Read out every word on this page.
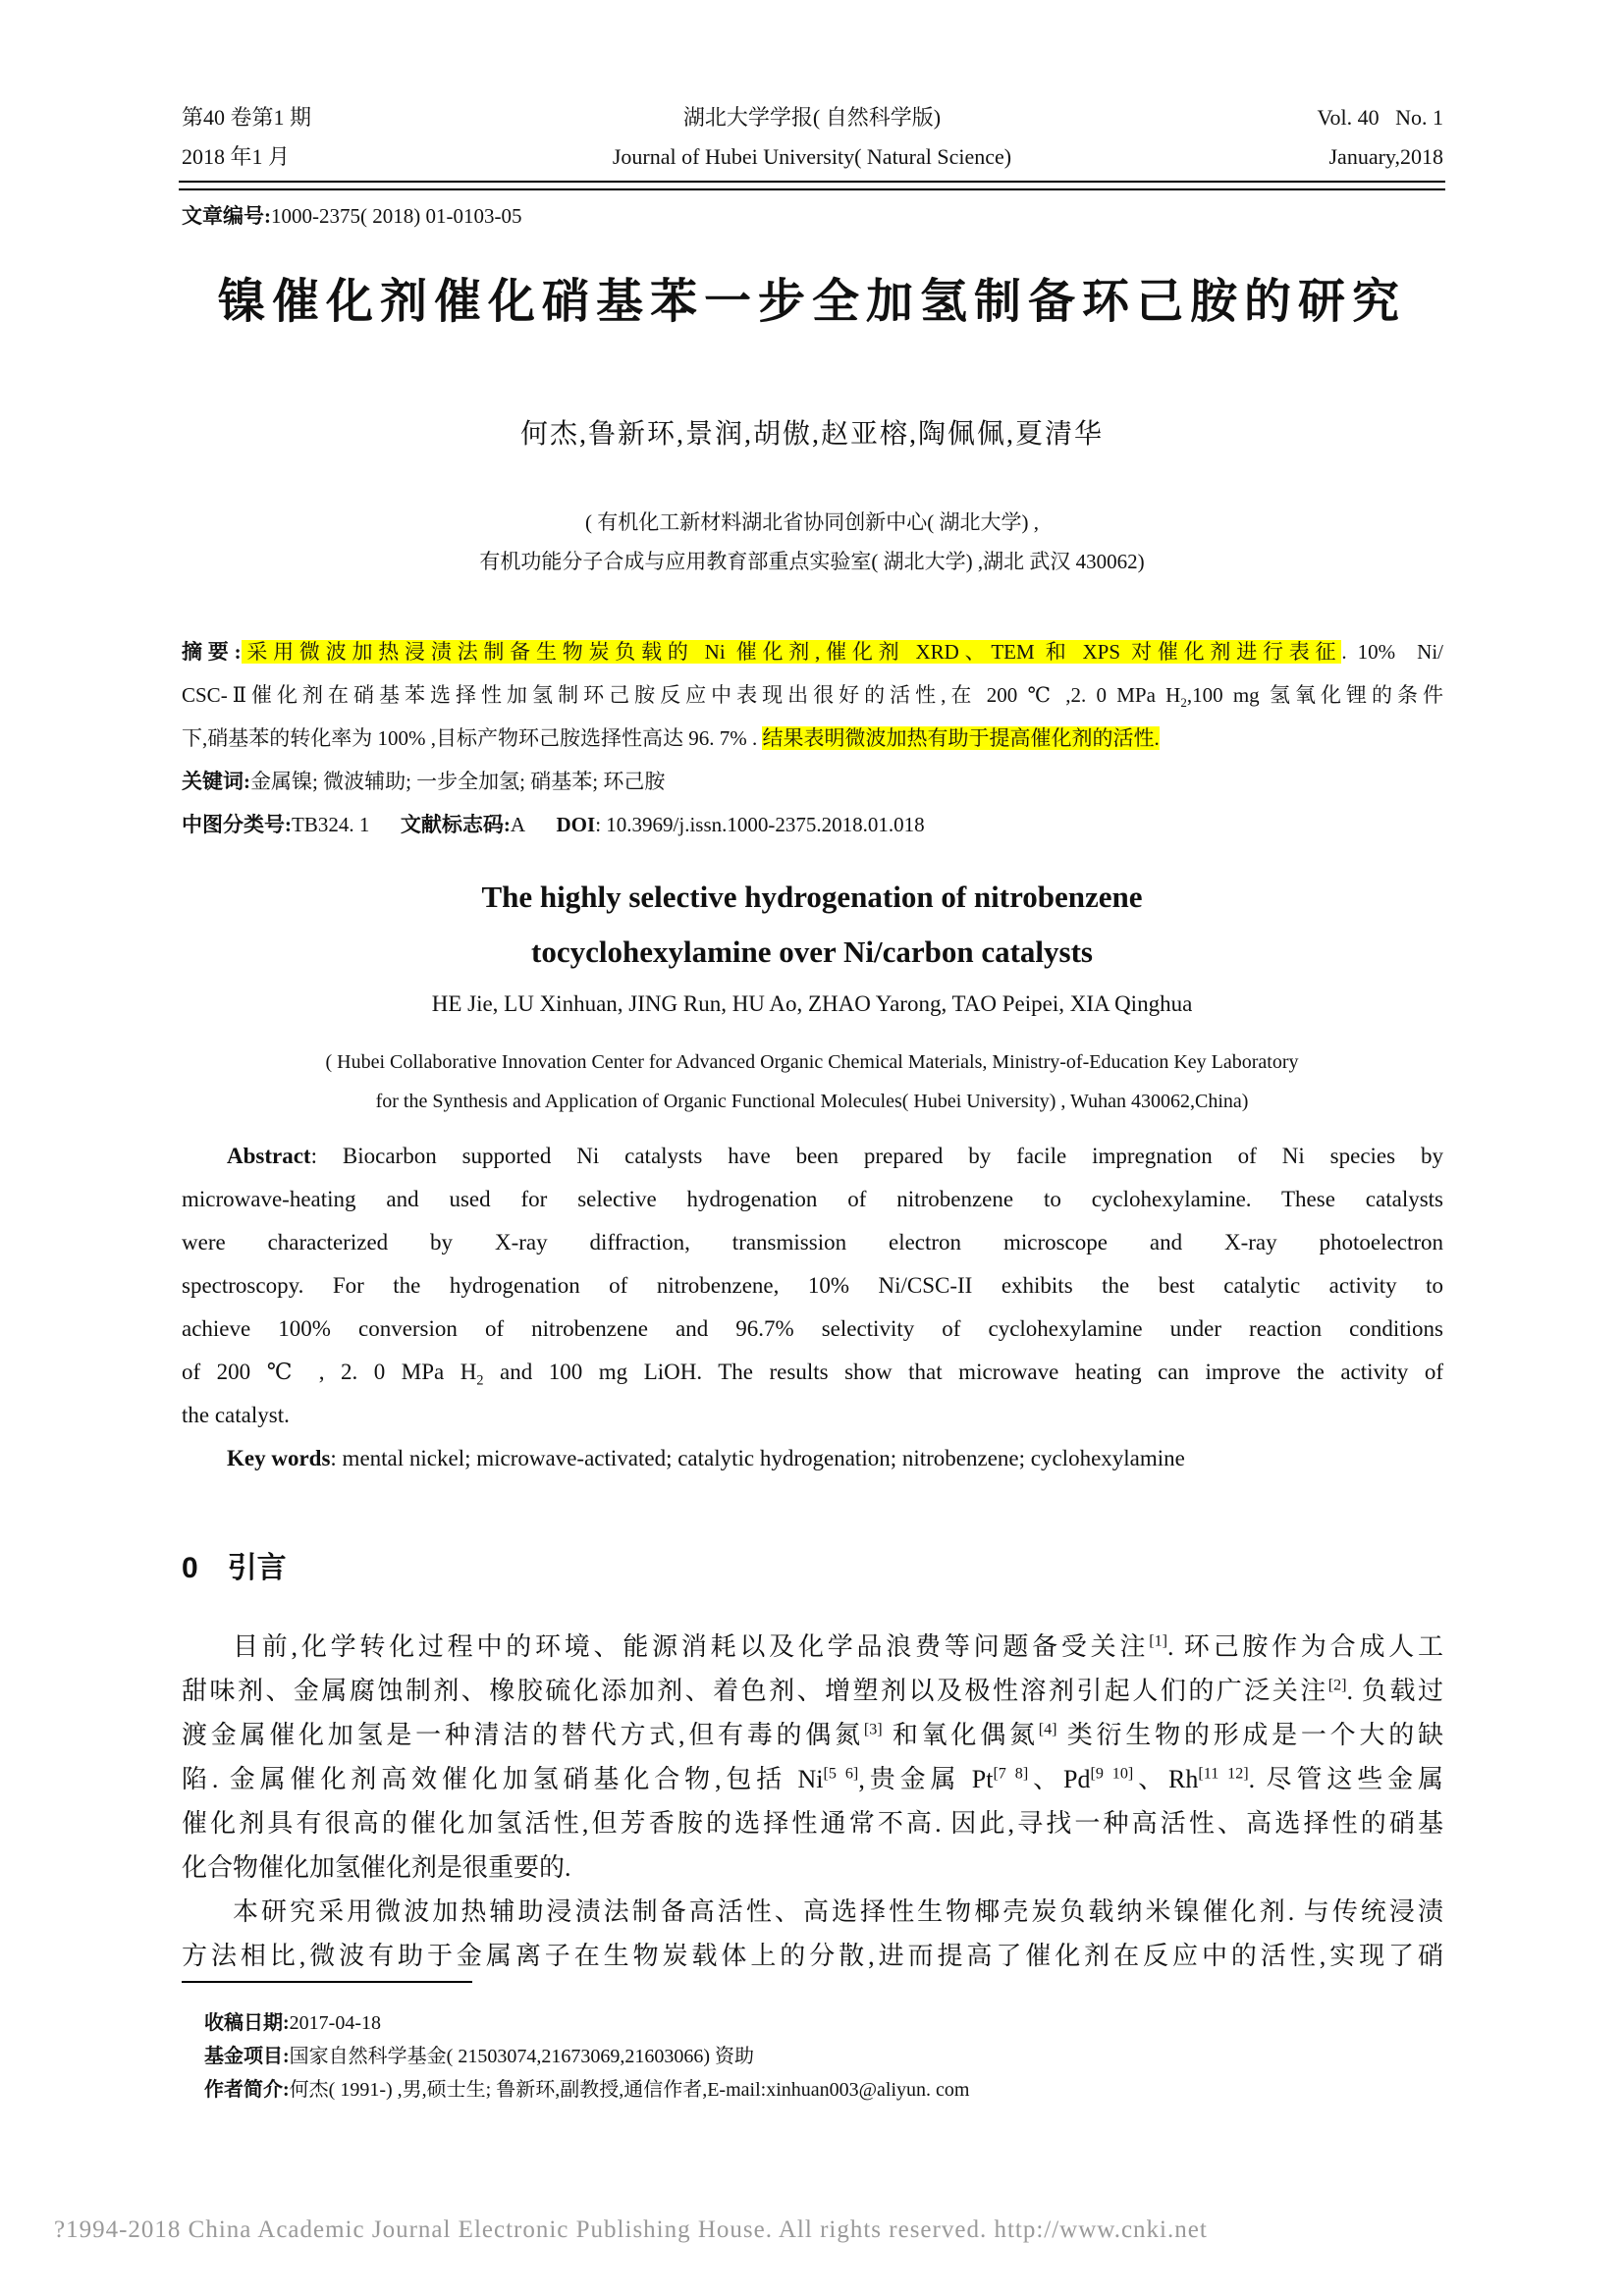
第40 卷第1 期
2018 年1 月
湖北大学学报( 自然科学版)
Journal of Hubei University( Natural Science)
Vol. 40   No. 1
January,2018
文章编号:1000-2375( 2018) 01-0103-05
镍催化剂催化硝基苯一步全加氢制备环己胺的研究
何杰,鲁新环,景润,胡傲,赵亚榕,陶佩佩,夏清华
( 有机化工新材料湖北省协同创新中心( 湖北大学) ,
有机功能分子合成与应用教育部重点实验室( 湖北大学) ,湖北 武汉 430062)
摘要:采用微波加热浸渍法制备生物炭负载的 Ni 催化剂,催化剂 XRD、TEM 和 XPS 对催化剂进行表征. 10%  Ni/
CSC-Ⅱ催化剂在硝基苯选择性加氢制环己胺反应中表现出很好的活性,在 200 ℃ ,2. 0 MPa $H_2,100$ mg 氢氧化锂的条件
下,硝基苯的转化率为 100% ,目标产物环己胺选择性高达 96. 7% . 结果表明微波加热有助于提高催化剂的活性.
关键词:金属镍; 微波辅助; 一步全加氢; 硝基苯; 环己胺
中图分类号:TB324. 1      文献标志码:A      DOI: 10.3969/j.issn.1000-2375.2018.01.018
The highly selective hydrogenation of nitrobenzene
tocyclohexylamine over Ni/carbon catalysts
HE Jie, LU Xinhuan, JING Run, HU Ao, ZHAO Yarong, TAO Peipei, XIA Qinghua
( Hubei Collaborative Innovation Center for Advanced Organic Chemical Materials, Ministry-of-Education Key Laboratory
for the Synthesis and Application of Organic Functional Molecules( Hubei University) , Wuhan 430062,China)
Abstract: Biocarbon supported Ni catalysts have been prepared by facile impregnation of Ni species by
microwave-heating and used for selective hydrogenation of nitrobenzene to cyclohexylamine. These catalysts
were characterized by X-ray diffraction, transmission electron microscope and X-ray photoelectron
spectroscopy. For the hydrogenation of nitrobenzene, 10% Ni/CSC-II exhibits the best catalytic activity to
achieve 100% conversion of nitrobenzene and 96.7% selectivity of cyclohexylamine under reaction conditions
of 200 ℃ , 2. 0 MPa $H_2$ and 100 mg LiOH. The results show that microwave heating can improve the activity of
the catalyst.
Key words: mental nickel; microwave-activated; catalytic hydrogenation; nitrobenzene; cyclohexylamine
0 引言
目前,化学转化过程中的环境、能源消耗以及化学品浪费等问题备受关注[1]. 环己胺作为合成人工
甜味剂、金属腐蚀制剂、橡胶硫化添加剂、着色剂、增塑剂以及极性溶剂引起人们的广泛关注[2]. 负载过
渡金属催化加氢是一种清洁的替代方式,但有毒的偶氮[3] 和氧化偶氮[4] 类衍生物的形成是一个大的缺
陷. 金属催化剂高效催化加氢硝基化合物,包括 Ni[5 6],贵金属 Pt[7 8]、Pd[9 10]、Rh[11 12]. 尽管这些金属
催化剂具有很高的催化加氢活性,但芳香胺的选择性通常不高. 因此,寻找一种高活性、高选择性的硝基
化合物催化加氢催化剂是很重要的.
本研究采用微波加热辅助浸渍法制备高活性、高选择性生物椰壳炭负载纳米镍催化剂. 与传统浸渍
方法相比,微波有助于金属离子在生物炭载体上的分散,进而提高了催化剂在反应中的活性,实现了硝
收稿日期:2017-04-18
基金项目:国家自然科学基金( 21503074,21673069,21603066) 资助
作者简介:何杰( 1991-) ,男,硕士生; 鲁新环,副教授,通信作者,E-mail:xinhuan003@aliyun. com
?1994-2018 China Academic Journal Electronic Publishing House. All rights reserved. http://www.cnki.net
